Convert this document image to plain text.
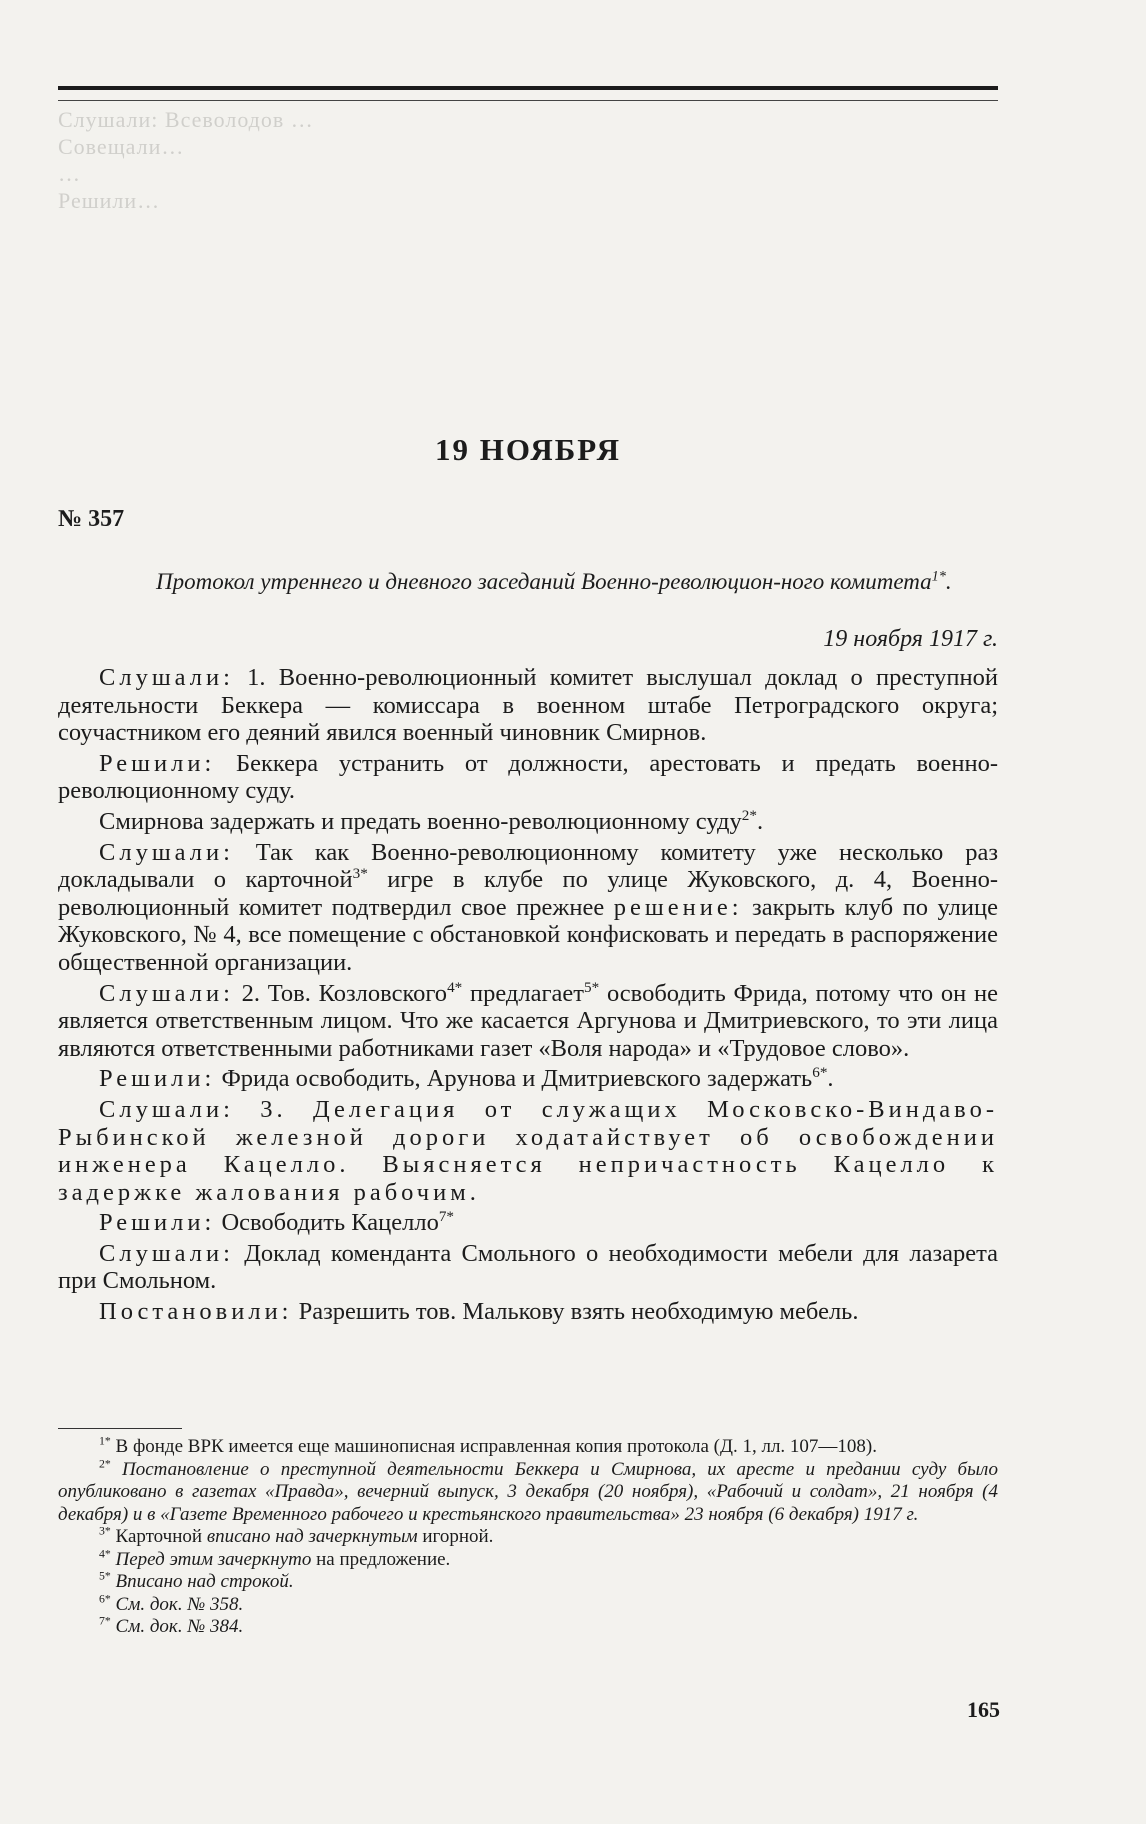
Слушали: Всеволодов …
Совещали…
…
Решили…
19 НОЯБРЯ
№ 357
Протокол утреннего и дневного заседаний Военно-революцион-ного комитета$^{1*}$.
19 ноября 1917 г.

Слушали: 1. Военно-революционный комитет выслушал доклад о преступной деятельности Беккера — комиссара в военном штабе Петроградского округа; соучастником его деяний явился военный чиновник Смирнов.

Решили: Беккера устранить от должности, арестовать и предать военно-революционному суду.

Смирнова задержать и предать военно-революционному суду$^{2*}$.

Слушали: Так как Военно-революционному комитету уже несколько раз докладывали о карточной$^{3*}$ игре в клубе по улице Жуковского, д. 4, Военно-революционный комитет подтвердил свое прежнее решение: закрыть клуб по улице Жуковского, № 4, все помещение с обстановкой конфисковать и передать в распоряжение общественной организации.

Слушали: 2. Тов. Козловского$^{4*}$ предлагает$^{5*}$ освободить Фрида, потому что он не является ответственным лицом. Что же касается Аргунова и Дмитриевского, то эти лица являются ответственными работниками газет «Воля народа» и «Трудовое слово».

Решили: Фрида освободить, Арунова и Дмитриевского задержать$^{6*}$.

Слушали: 3. Делегация от служащих Московско-Виндаво-Рыбинской железной дороги ходатайствует об освобождении инженера Кацелло. Выясняется непричастность Кацелло к задержке жалования рабочим.

Решили: Освободить Кацелло$^{7*}$

Слушали: Доклад коменданта Смольного о необходимости мебели для лазарета при Смольном.

Постановили: Разрешить тов. Малькову взять необходимую мебель.

$^{1*}$ В фонде ВРК имеется еще машинописная исправленная копия протокола (Д. 1, лл. 107—108).

$^{2*}$ Постановление о преступной деятельности Беккера и Смирнова, их аресте и предании суду было опубликовано в газетах «Правда», вечерний выпуск, 3 декабря (20 ноября), «Рабочий и солдат», 21 ноября (4 декабря) и в «Газете Временного рабочего и крестьянского правительства» 23 ноября (6 декабря) 1917 г.

$^{3*}$ Карточной вписано над зачеркнутым игорной.

$^{4*}$ Перед этим зачеркнуто на предложение.

$^{5*}$ Вписано над строкой.

$^{6*}$ См. док. № 358.

$^{7*}$ См. док. № 384.

165
